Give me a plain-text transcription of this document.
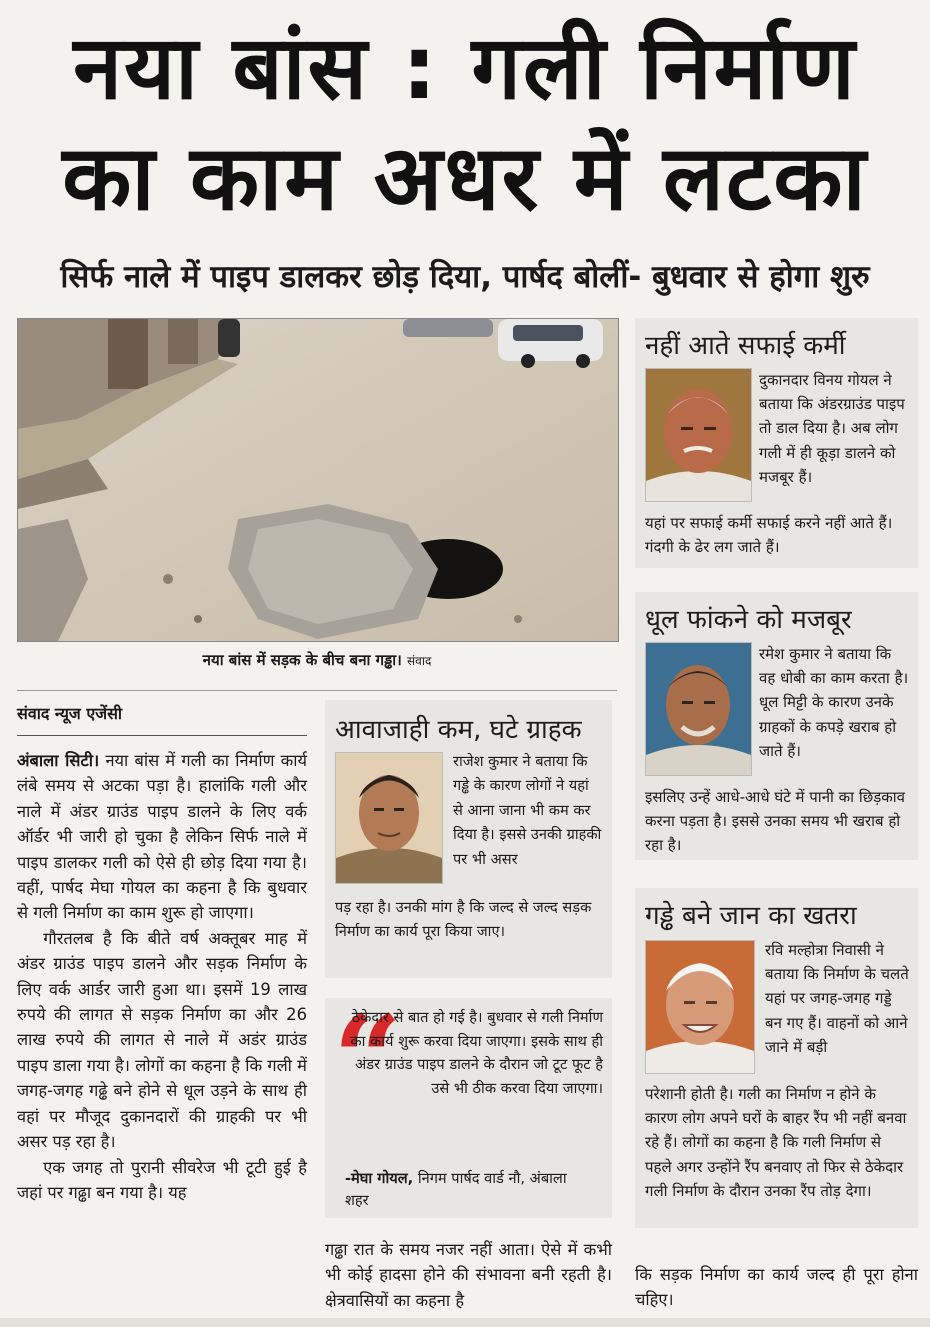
नया बांस : गली निर्माण
का काम अधर में लटका
सिर्फ नाले में पाइप डालकर छोड़ दिया, पार्षद बोलीं- बुधवार से होगा शुरु
नया बांस में सड़क के बीच बना गड्ढा। संवाद
संवाद न्यूज एजेंसी

अंबाला सिटी। नया बांस में गली का निर्माण कार्य लंबे समय से अटका पड़ा है। हालांकि गली और नाले में अंडर ग्राउंड पाइप डालने के लिए वर्क ऑर्डर भी जारी हो चुका है लेकिन सिर्फ नाले में पाइप डालकर गली को ऐसे ही छोड़ दिया गया है। वहीं, पार्षद मेघा गोयल का कहना है कि बुधवार से गली निर्माण का काम शुरू हो जाएगा।

गौरतलब है कि बीते वर्ष अक्तूबर माह में अंडर ग्राउंड पाइप डालने और सड़क निर्माण के लिए वर्क आर्डर जारी हुआ था। इसमें 19 लाख रुपये की लागत से सड़क निर्माण का और 26 लाख रुपये की लागत से नाले में अडंर ग्राउंड पाइप डाला गया है। लोगों का कहना है कि गली में जगह-जगह गढ्ढे बने होने से धूल उड़ने के साथ ही वहां पर मौजूद दुकानदारों की ग्राहकी पर भी असर पड़ रहा है।

एक जगह तो पुरानी सीवरेज भी टूटी हुई है जहां पर गढ्ढा बन गया है। यह

आवाजाही कम, घटे ग्राहक
राजेश कुमार ने बताया कि गड्ढे के कारण लोगों ने यहां से आना जाना भी कम कर दिया है। इससे उनकी ग्राहकी पर भी असर
पड़ रहा है। उनकी मांग है कि जल्द से जल्द सड़क निर्माण का कार्य पूरा किया जाए।
“
ठेकेदार से बात हो गई है। बुधवार से गली निर्माण का कार्य शुरू करवा दिया जाएगा। इसके साथ ही अंडर ग्राउंड पाइप डालने के दौरान जो टूट फूट है उसे भी ठीक करवा दिया जाएगा।
-मेघा गोयल, निगम पार्षद वार्ड नौ, अंबाला शहर

गढ्ढा रात के समय नजर नहीं आता। ऐसे में कभी भी कोई हादसा होने की संभावना बनी रहती है। क्षेत्रवासियों का कहना है

नहीं आते सफाई कर्मी
दुकानदार विनय गोयल ने बताया कि अंडरग्राउंड पाइप तो डाल दिया है। अब लोग गली में ही कूड़ा डालने को मजबूर हैं।
यहां पर सफाई कर्मी सफाई करने नहीं आते हैं। गंदगी के ढेर लग जाते हैं।
धूल फांकने को मजबूर
रमेश कुमार ने बताया कि वह धोबी का काम करता है। धूल मिट्टी के कारण उनके ग्राहकों के कपड़े खराब हो जाते हैं।
इसलिए उन्हें आधे-आधे घंटे में पानी का छिड़काव करना पड़ता है। इससे उनका समय भी खराब हो रहा है।
गड्ढे बने जान का खतरा
रवि मल्होत्रा निवासी ने बताया कि निर्माण के चलते यहां पर जगह-जगह गड्डे बन गए हैं। वाहनों को आने जाने में बड़ी
परेशानी होती है। गली का निर्माण न होने के कारण लोग अपने घरों के बाहर रैंप भी नहीं बनवा रहे हैं। लोगों का कहना है कि गली निर्माण से पहले अगर उन्होंने रैंप बनवाए तो फिर से ठेकेदार गली निर्माण के दौरान उनका रैंप तोड़ देगा।

कि सड़क निर्माण का कार्य जल्द ही पूरा होना चहिए।
